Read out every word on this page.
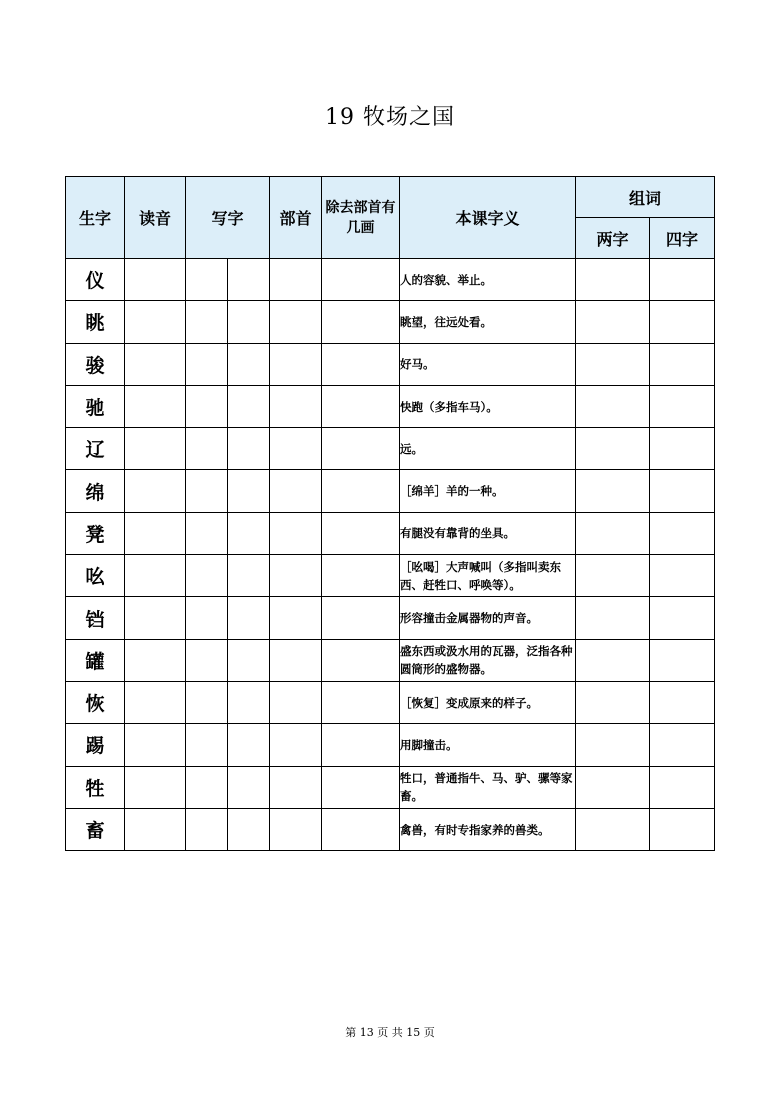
19 牧场之国
生字	读音	写字		部首	除去部首有几画	本课字义	组词	
							两字	四字
仪						人的容貌、举止。		
眺						眺望，往远处看。		
骏						好马。		
驰						快跑（多指车马）。		
辽						远。		
绵						［绵羊］羊的一种。		
凳						有腿没有靠背的坐具。		
吆						［吆喝］大声喊叫（多指叫卖东西、赶牲口、呼唤等）。		
铛						形容撞击金属器物的声音。		
罐						盛东西或汲水用的瓦器，泛指各种圆筒形的盛物器。		
恢						［恢复］变成原来的样子。		
踢						用脚撞击。		
牲						牲口，普通指牛、马、驴、骡等家畜。		
畜						禽兽，有时专指家养的兽类。		
第 13 页 共 15 页
